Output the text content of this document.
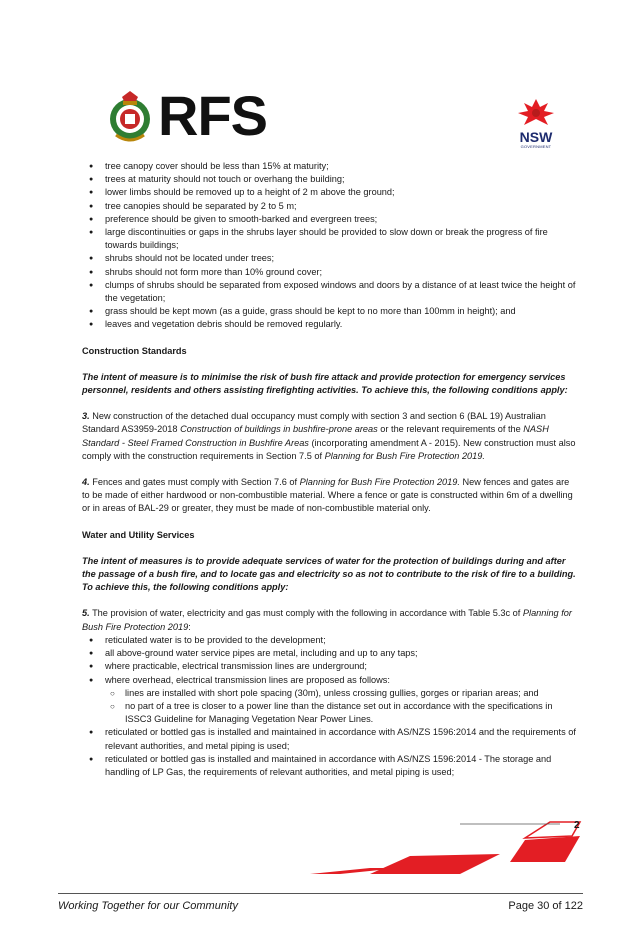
RFS	NSW
GOVERNMENT
● tree canopy cover should be less than 15% at maturity;
● trees at maturity should not touch or overhang the building;
● lower limbs should be removed up to a height of 2 m above the ground;
● tree canopies should be separated by 2 to 5 m;
● preference should be given to smooth-barked and evergreen trees;
● large discontinuities or gaps in the shrubs layer should be provided to slow down or break the progress of fire towards buildings;
● shrubs should not be located under trees;
● shrubs should not form more than 10% ground cover;
● clumps of shrubs should be separated from exposed windows and doors by a distance of at least twice the height of the vegetation;
● grass should be kept mown (as a guide, grass should be kept to no more than 100mm in height); and
● leaves and vegetation debris should be removed regularly.
Construction Standards

The intent of measure is to minimise the risk of bush fire attack and provide protection for emergency services personnel, residents and others assisting firefighting activities. To achieve this, the following conditions apply:

3. New construction of the detached dual occupancy must comply with section 3 and section 6 (BAL 19) Australian Standard AS3959-2018 Construction of buildings in bushfire-prone areas or the relevant requirements of the NASH Standard - Steel Framed Construction in Bushfire Areas (incorporating amendment A - 2015). New construction must also comply with the construction requirements in Section 7.5 of Planning for Bush Fire Protection 2019.

4. Fences and gates must comply with Section 7.6 of Planning for Bush Fire Protection 2019. New fences and gates are to be made of either hardwood or non-combustible material. Where a fence or gate is constructed within 6m of a dwelling or in areas of BAL-29 or greater, they must be made of non-combustible material only.

Water and Utility Services

The intent of measures is to provide adequate services of water for the protection of buildings during and after the passage of a bush fire, and to locate gas and electricity so as not to contribute to the risk of fire to a building. To achieve this, the following conditions apply:

5. The provision of water, electricity and gas must comply with the following in accordance with Table 5.3c of Planning for Bush Fire Protection 2019:

● reticulated water is to be provided to the development;
● all above-ground water service pipes are metal, including and up to any taps;
● where practicable, electrical transmission lines are underground;
● where overhead, electrical transmission lines are proposed as follows:
○ lines are installed with short pole spacing (30m), unless crossing gullies, gorges or riparian areas; and
○ no part of a tree is closer to a power line than the distance set out in accordance with the specifications in ISSC3 Guideline for Managing Vegetation Near Power Lines.
● reticulated or bottled gas is installed and maintained in accordance with AS/NZS 1596:2014 and the requirements of relevant authorities, and metal piping is used;
● reticulated or bottled gas is installed and maintained in accordance with AS/NZS 1596:2014 - The storage and handling of LP Gas, the requirements of relevant authorities, and metal piping is used;
2
Working Together for our Community	Page 30 of 122
